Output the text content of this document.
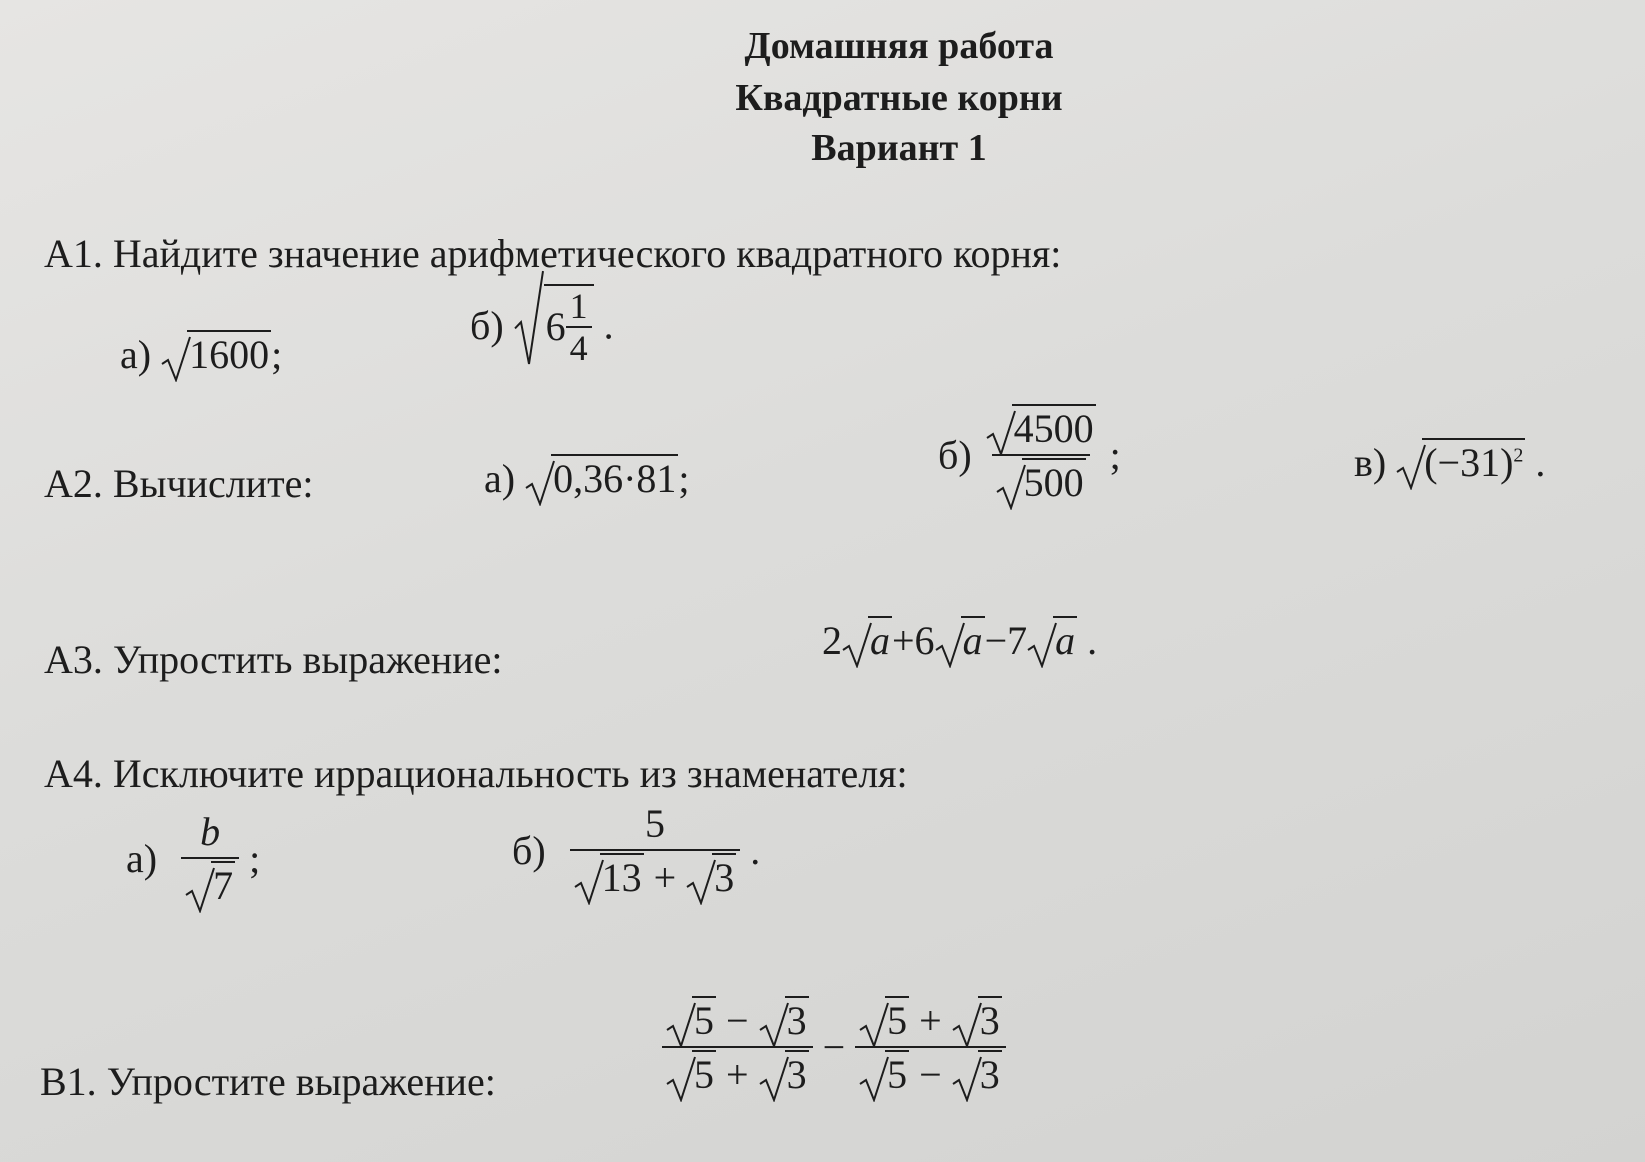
Домашняя работа
Квадратные корни
Вариант 1
А1. Найдите значение арифметического квадратного корня:
а) 1600;
б) $6 \frac{1}{4}$ .
А2. Вычислите:	а) 0,36·81;
$б) \frac{4500}{500}$ ;	в) $(-31)^2$ .
А3. Упростить выражение:	2 a+6 a−7 a .
А4. Исключите иррациональность из знаменателя:
$а) \frac{b}{7}$ ;	$б) \frac{5}{13 + 3}$ .
В1. Упростите выражение:	$\frac{5 - 3}{5 + 3} - \frac{5 + 3}{5 - 3}$
